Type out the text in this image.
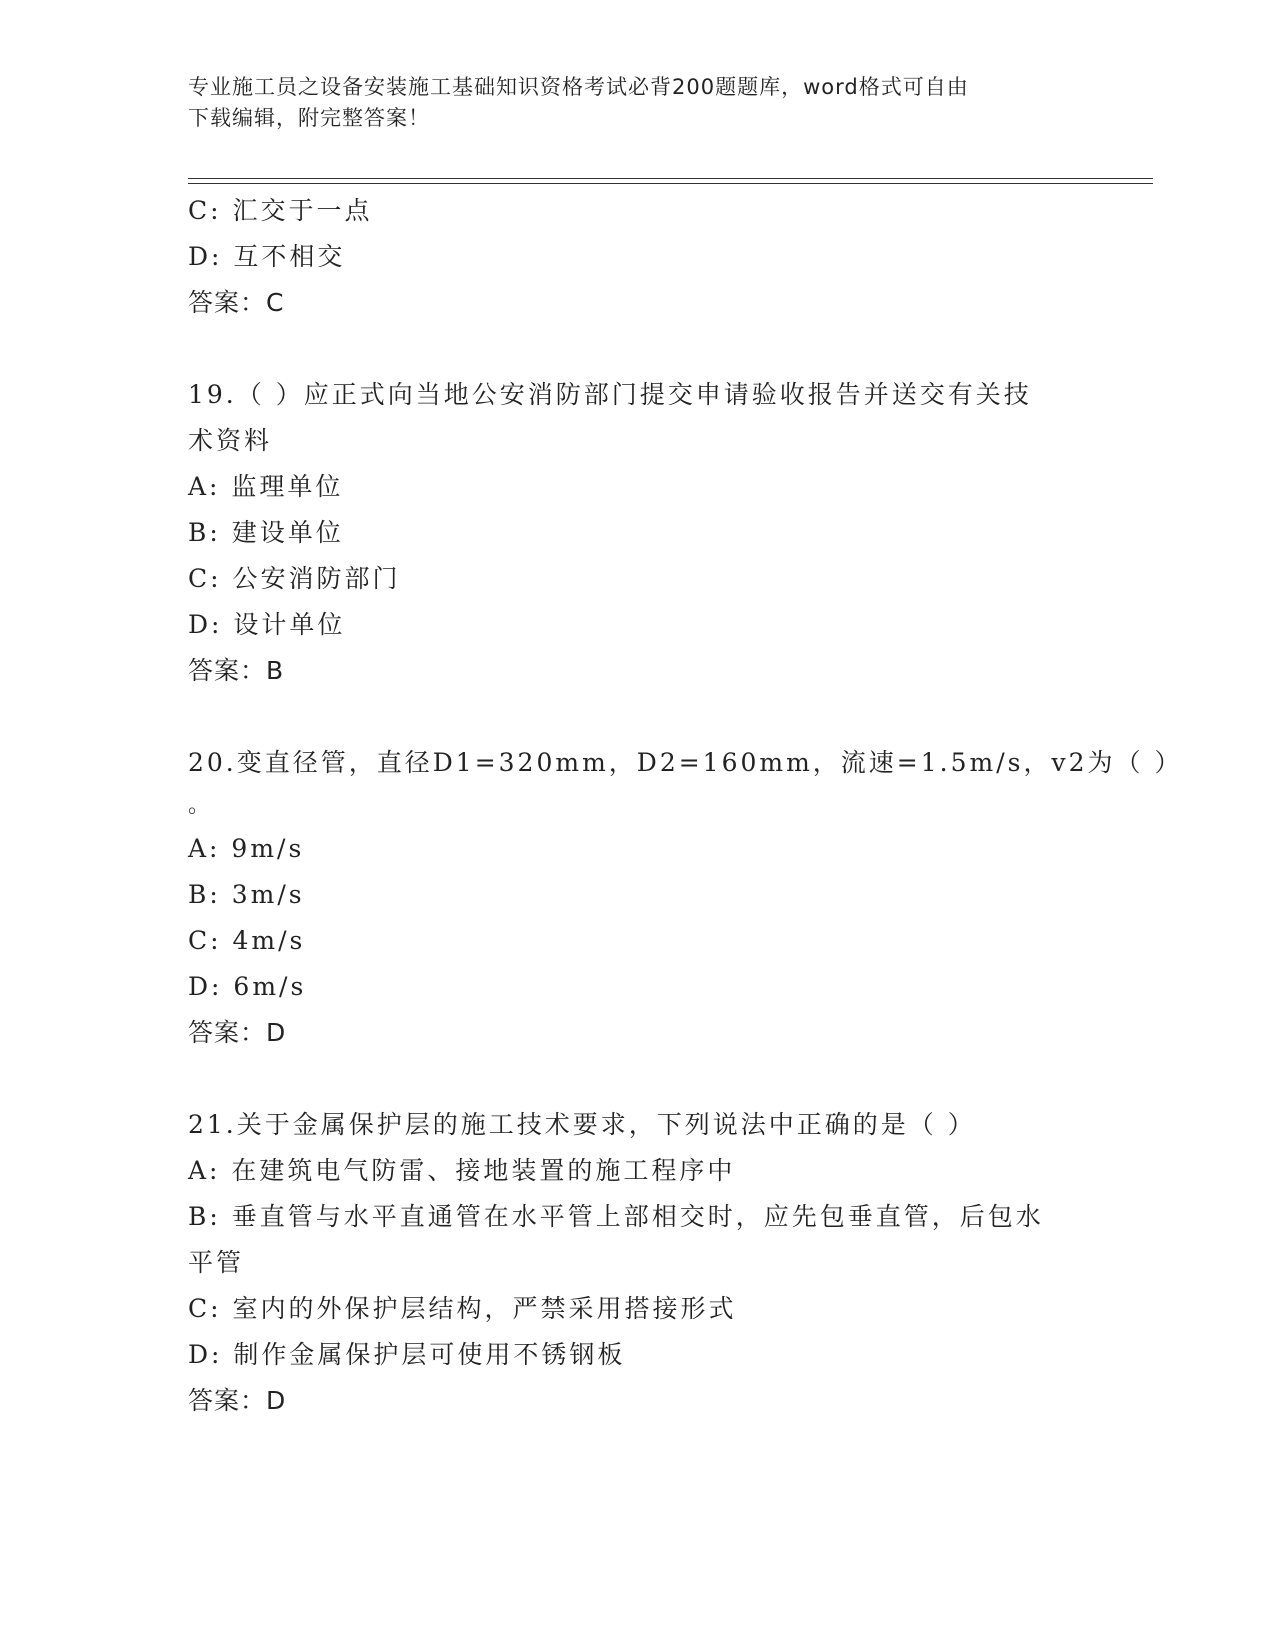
专业施工员之设备安装施工基础知识资格考试必背200题题库，word格式可自由
下载编辑，附完整答案！
C: 汇交于一点
D: 互不相交
答案：C
19.（ ）应正式向当地公安消防部门提交申请验收报告并送交有关技
术资料
A: 监理单位
B: 建设单位
C: 公安消防部门
D: 设计单位
答案：B
20.变直径管，直径D1=320mm，D2=160mm，流速=1.5m/s，v2为（ ）
。
A: 9m/s
B: 3m/s
C: 4m/s
D: 6m/s
答案：D
21.关于金属保护层的施工技术要求，下列说法中正确的是（ ）
A: 在建筑电气防雷、接地装置的施工程序中
B: 垂直管与水平直通管在水平管上部相交时，应先包垂直管，后包水
平管
C: 室内的外保护层结构，严禁采用搭接形式
D: 制作金属保护层可使用不锈钢板
答案：D
